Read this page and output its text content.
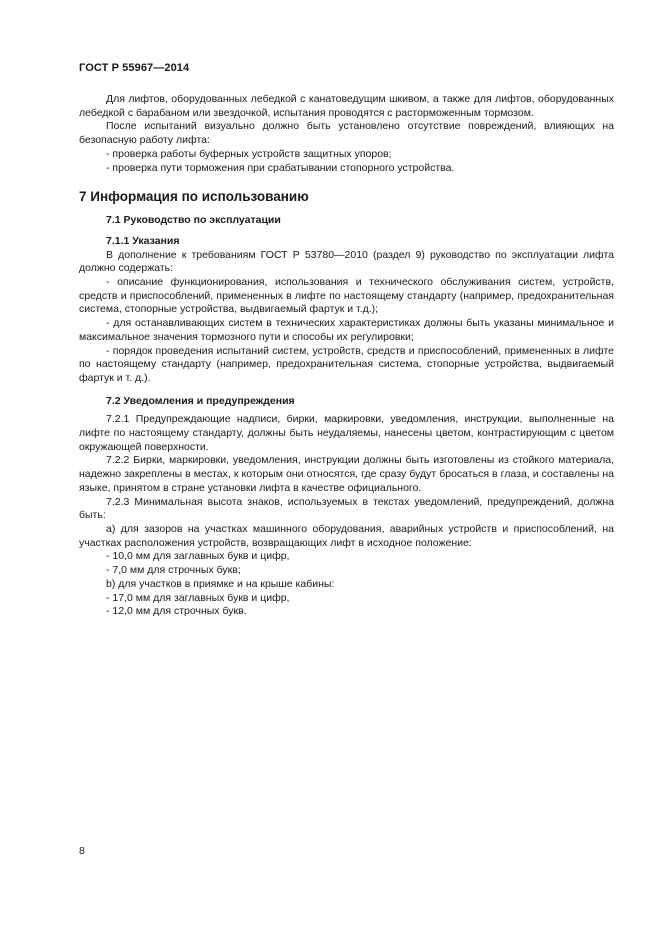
ГОСТ Р 55967—2014

Для лифтов, оборудованных лебедкой с канатоведущим шкивом, а также для лифтов, оборудованных лебедкой с барабаном или звездочкой, испытания проводятся с расторможенным тормозом.

После испытаний визуально должно быть установлено отсутствие повреждений, влияющих на безопасную работу лифта:

- проверка работы буферных устройств защитных упоров;

- проверка пути торможения при срабатывании стопорного устройства.

7 Информация по использованию

7.1 Руководство по эксплуатации

7.1.1 Указания

В дополнение к требованиям ГОСТ Р 53780—2010 (раздел 9) руководство по эксплуатации лифта должно содержать:

- описание функционирования, использования и технического обслуживания систем, устройств, средств и приспособлений, примененных в лифте по настоящему стандарту (например, предохранительная система, стопорные устройства, выдвигаемый фартук и т.д.);

- для останавливающих систем в технических характеристиках должны быть указаны минимальное и максимальное значения тормозного пути и способы их регулировки;

- порядок проведения испытаний систем, устройств, средств и приспособлений, примененных в лифте по настоящему стандарту (например, предохранительная система, стопорные устройства, выдвигаемый фартук и т. д.).

7.2 Уведомления и предупреждения

7.2.1 Предупреждающие надписи, бирки, маркировки, уведомления, инструкции, выполненные на лифте по настоящему стандарту, должны быть неудаляемы, нанесены цветом, контрастирующим с цветом окружающей поверхности.

7.2.2 Бирки, маркировки, уведомления, инструкции должны быть изготовлены из стойкого материала, надежно закреплены в местах, к которым они относятся, где сразу будут бросаться в глаза, и составлены на языке, принятом в стране установки лифта в качестве официального.

7.2.3 Минимальная высота знаков, используемых в текстах уведомлений, предупреждений, должна быть:

а) для зазоров на участках машинного оборудования, аварийных устройств и приспособлений, на участках расположения устройств, возвращающих лифт в исходное положение:

- 10,0 мм для заглавных букв и цифр,

- 7,0 мм для строчных букв;

b) для участков в приямке и на крыше кабины:

- 17,0 мм для заглавных букв и цифр,

- 12,0 мм для строчных букв.

8
